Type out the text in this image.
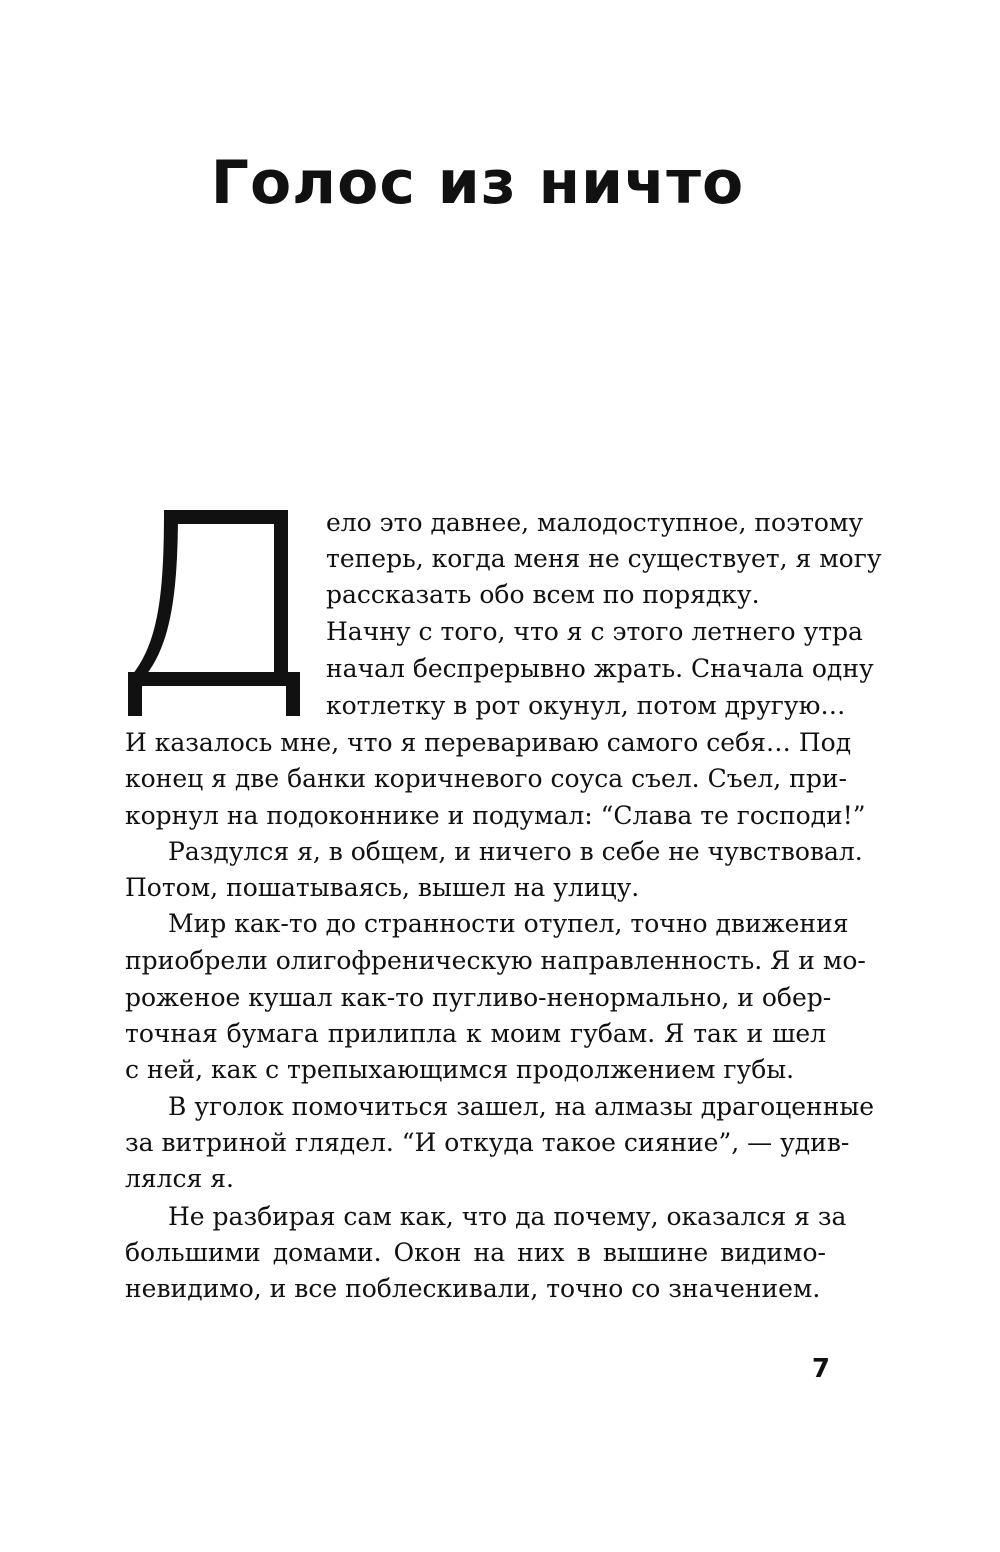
Голос из ничто
ело это давнее, малодоступное, поэтому
теперь, когда меня не существует, я могу
рассказать обо всем по порядку.
Начну с того, что я с этого летнего утра
начал беспрерывно жрать. Сначала одну
котлетку в рот окунул, потом другую…
И казалось мне, что я перевариваю самого себя… Под
конец я две банки коричневого соуса съел. Съел, при-
корнул на подоконнике и подумал: “Слава те господи!”
Раздулся я, в общем, и ничего в себе не чувствовал.
Потом, пошатываясь, вышел на улицу.
Мир как-то до странности отупел, точно движения
приобрели олигофреническую направленность. Я и мо-
роженое кушал как-то пугливо-ненормально, и обер-
точная бумага прилипла к моим губам. Я так и шел
с ней, как с трепыхающимся продолжением губы.
В уголок помочиться зашел, на алмазы драгоценные
за витриной глядел. “И откуда такое сияние”, — удив-
лялся я.
Не разбирая сам как, что да почему, оказался я за
большими домами. Окон на них в вышине видимо-
невидимо, и все поблескивали, точно со значением.
7
